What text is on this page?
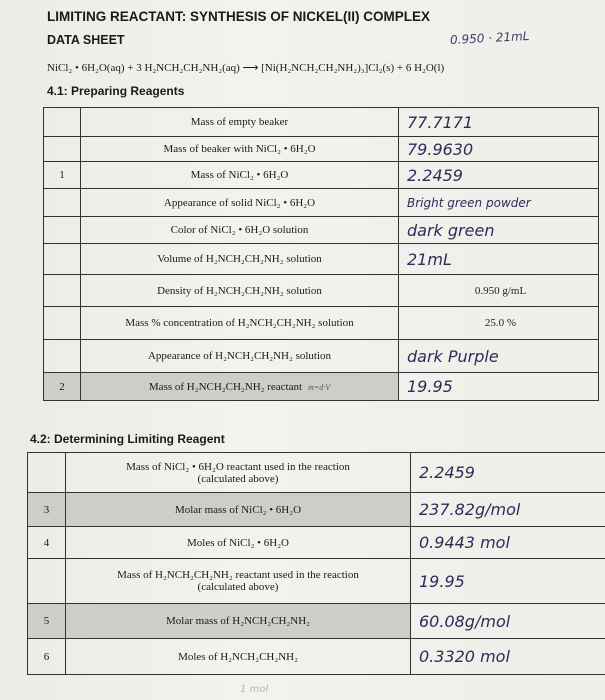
LIMITING REACTANT: SYNTHESIS OF NICKEL(II) COMPLEX
DATA SHEET	0.950 · 21mL
NiCl₂ • 6H₂O(aq) + 3 H₂NCH₂CH₂NH₂(aq) ⟶ [Ni(H₂NCH₂CH₂NH₂)₃]Cl₂(s) + 6 H₂O(l)
4.1: Preparing Reagents
	Mass of empty beaker	77.7171
	Mass of beaker with NiCl₂ • 6H₂O	79.9630
1	Mass of NiCl₂ • 6H₂O	2.2459
	Appearance of solid NiCl₂ • 6H₂O	Bright green powder
	Color of NiCl₂ • 6H₂O solution	dark green
	Volume of H₂NCH₂CH₂NH₂ solution	21mL
	Density of H₂NCH₂CH₂NH₂ solution	0.950 g/mL

	Mass % concentration of H₂NCH₂CH₂NH₂ solution	25.0 %

	Appearance of H₂NCH₂CH₂NH₂ solution	dark Purple
2	Mass of H₂NCH₂CH₂NH₂ reactant m=d·V	19.95
4.2: Determining Limiting Reagent

	Mass of NiCl₂ • 6H₂O reactant used in the reaction
(calculated above)	2.2459
3	Molar mass of NiCl₂ • 6H₂O	237.82g/mol
4	Moles of NiCl₂ • 6H₂O	0.9443 mol

	Mass of H₂NCH₂CH₂NH₂ reactant used in the reaction
(calculated above)	19.95
5	Molar mass of H₂NCH₂CH₂NH₂	60.08g/mol
6	Moles of H₂NCH₂CH₂NH₂	0.3320 mol
1 mol
